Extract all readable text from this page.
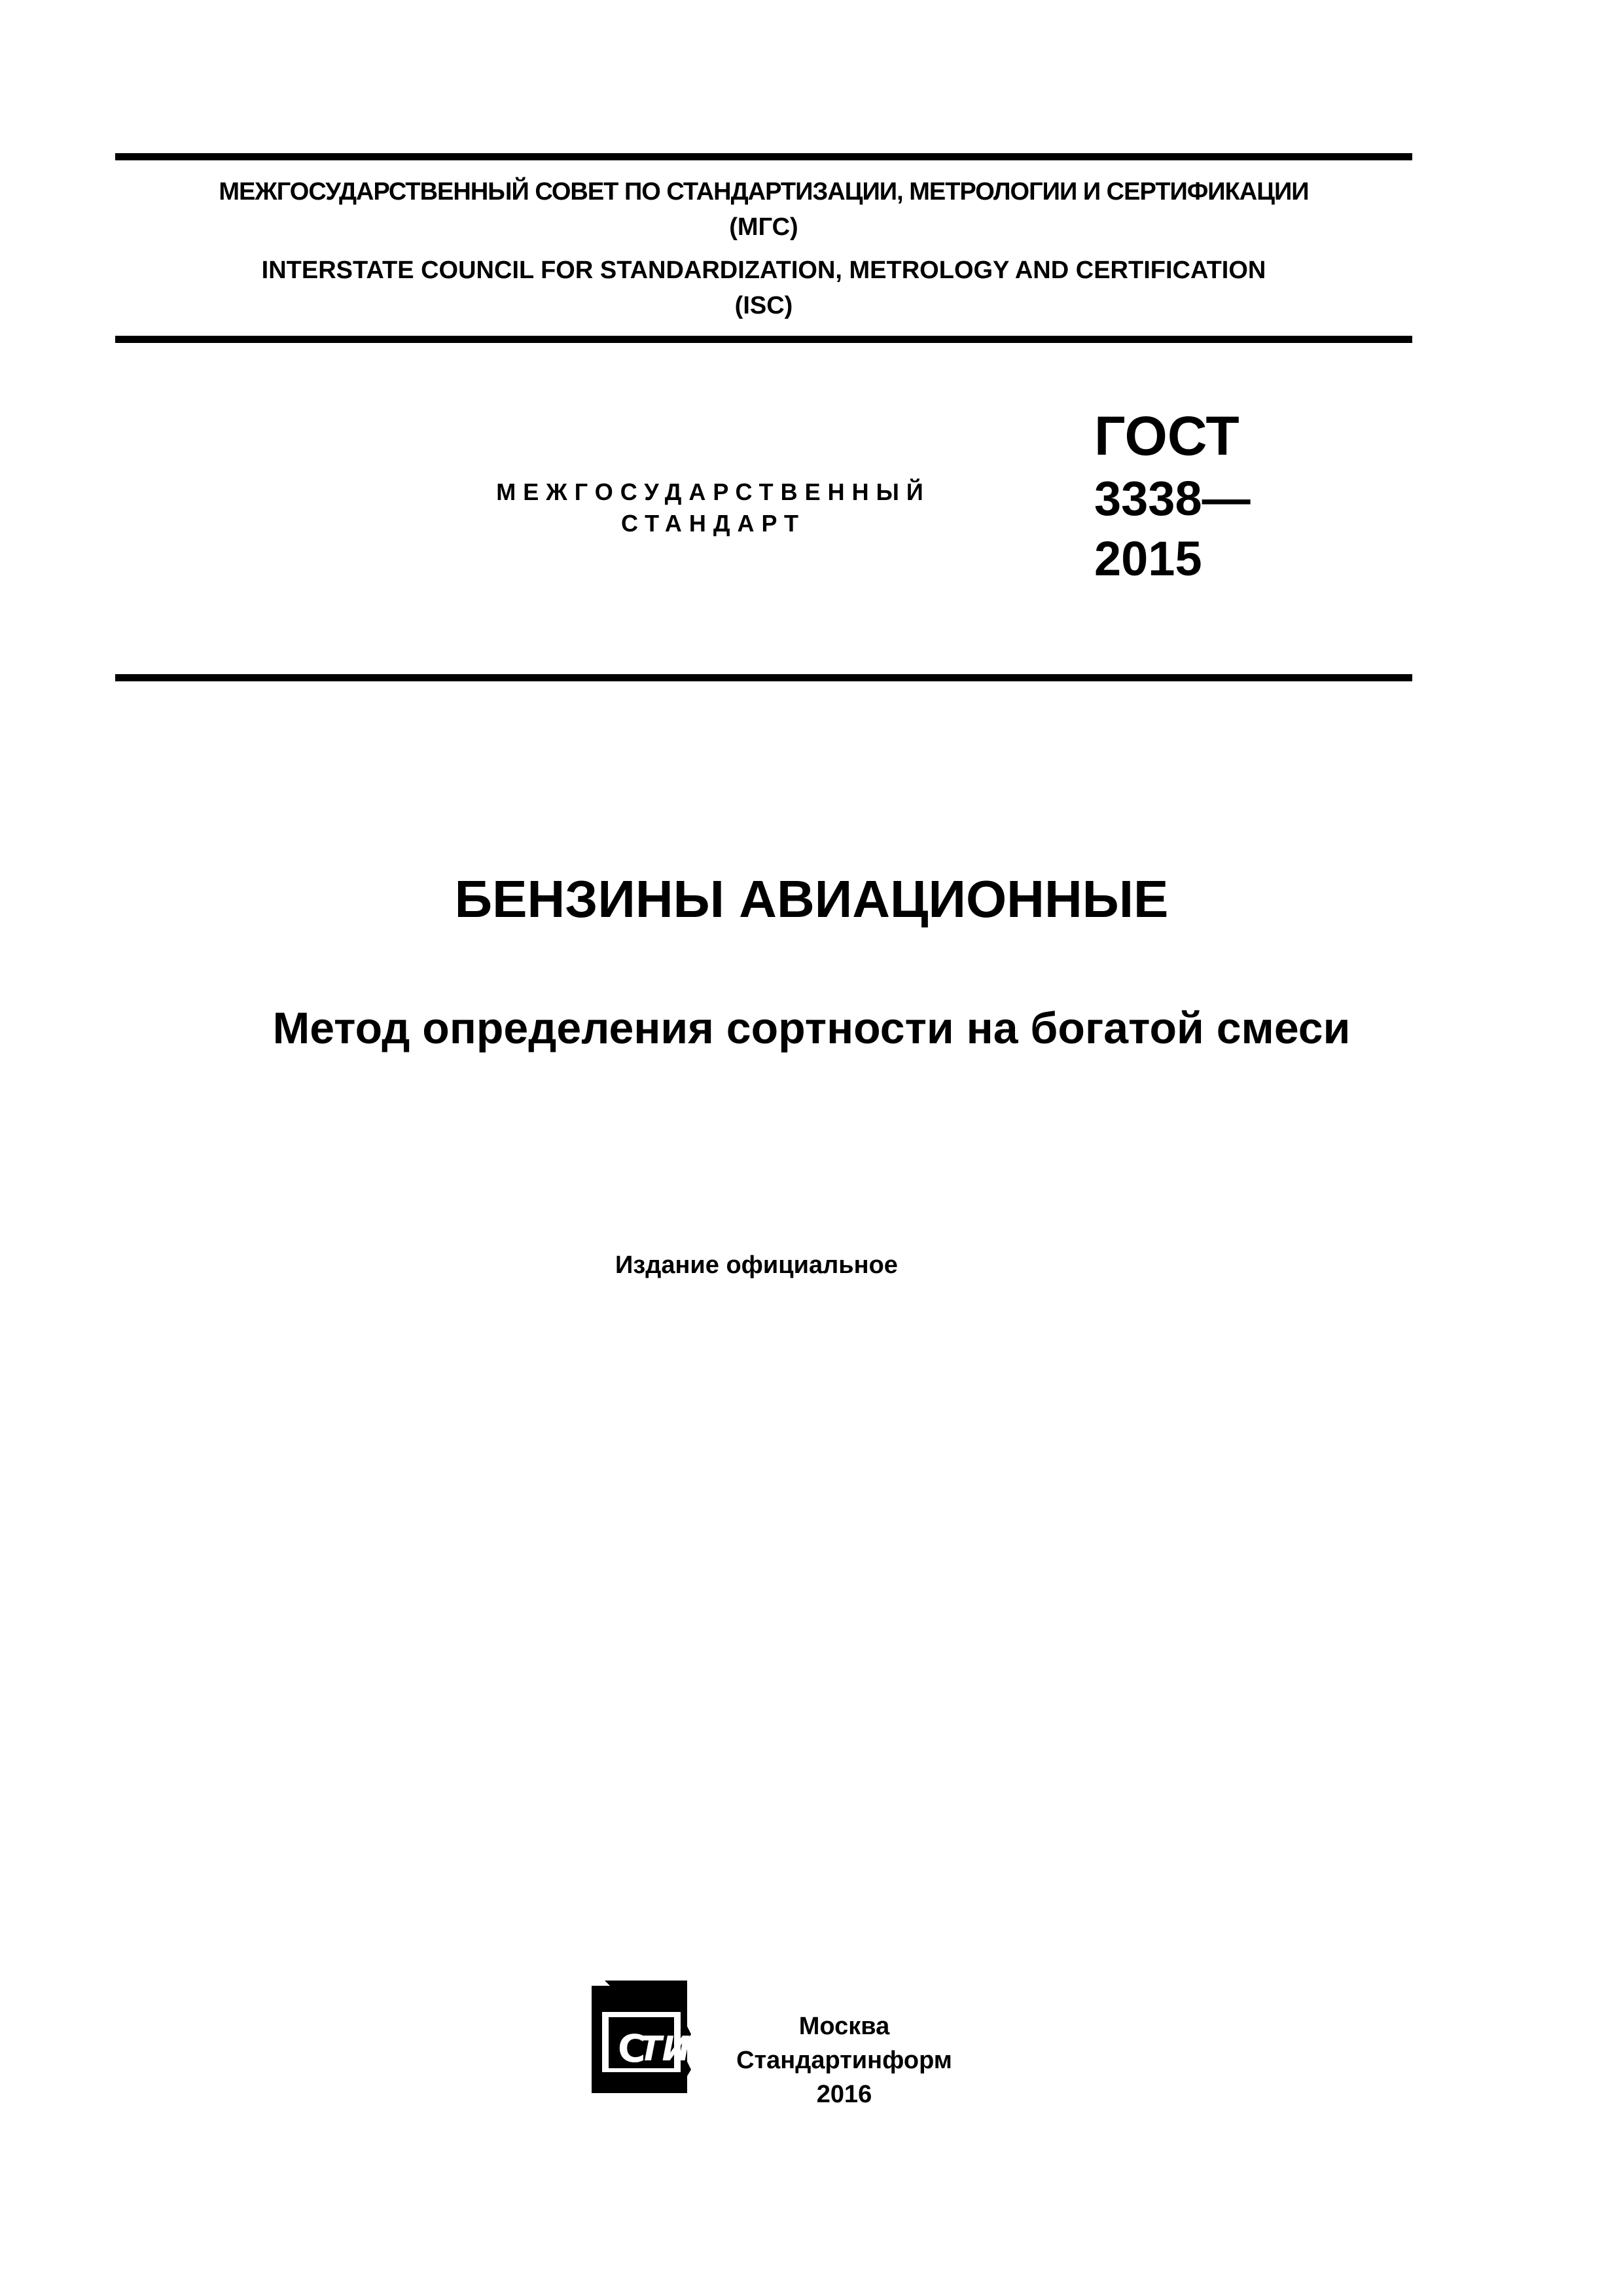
МЕЖГОСУДАРСТВЕННЫЙ СОВЕТ ПО СТАНДАРТИЗАЦИИ, МЕТРОЛОГИИ И СЕРТИФИКАЦИИ
(МГС)
INTERSTATE COUNCIL FOR STANDARDIZATION, METROLOGY AND CERTIFICATION
(ISC)
МЕЖГОСУДАРСТВЕННЫЙ
СТАНДАРТ
ГОСТ
3338—
2015
БЕНЗИНЫ АВИАЦИОННЫЕ
Метод определения сортности на богатой смеси
Издание официальное
C
ТИ
Москва
Стандартинформ
2016
